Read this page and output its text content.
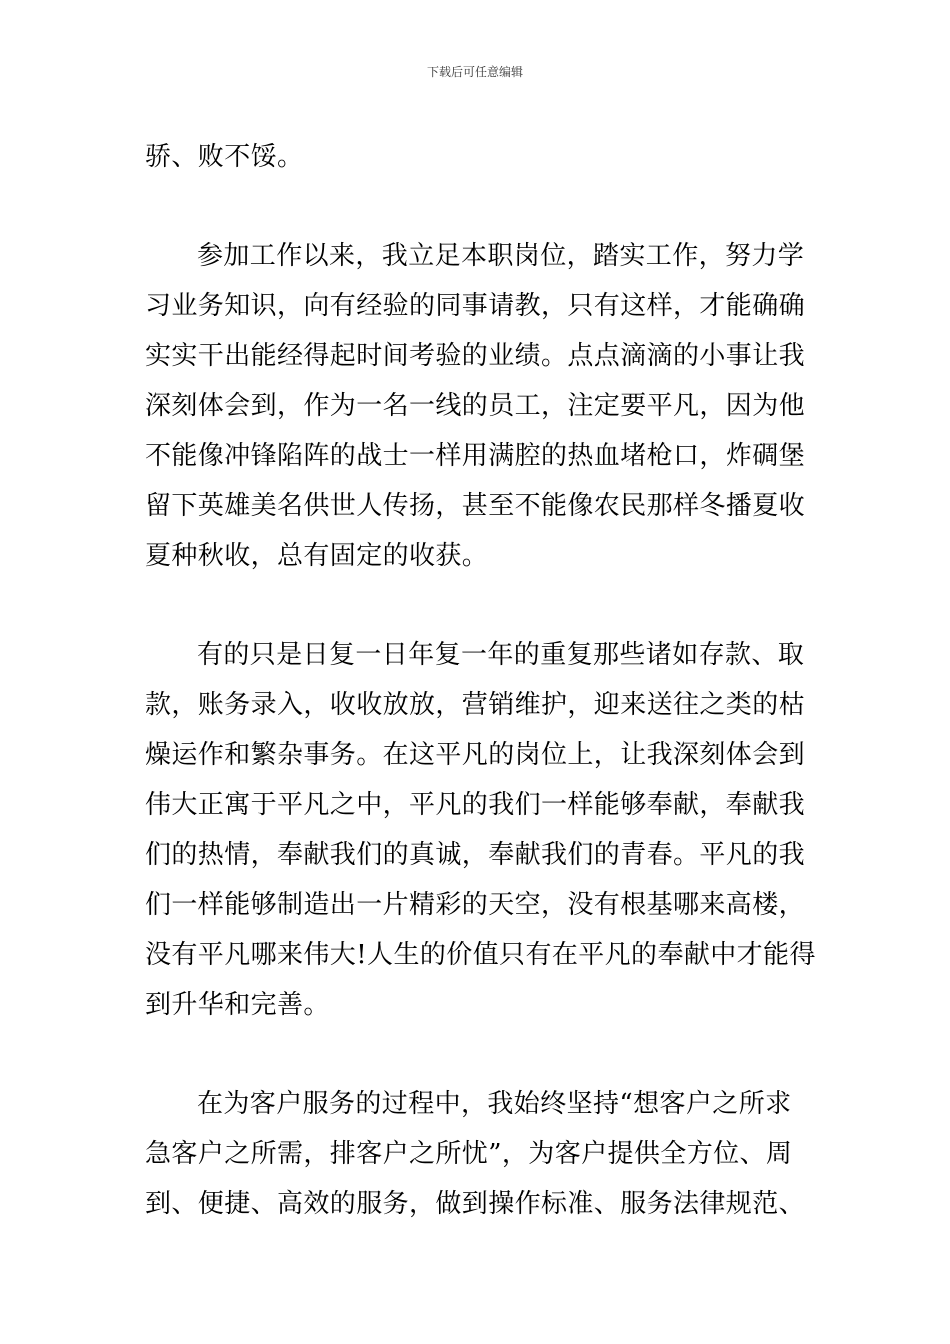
下载后可任意编辑
骄、败不馁。
参加工作以来，我立足本职岗位，踏实工作，努力学
习业务知识，向有经验的同事请教，只有这样，才能确确
实实干出能经得起时间考验的业绩。点点滴滴的小事让我
深刻体会到，作为一名一线的员工，注定要平凡，因为他
不能像冲锋陷阵的战士一样用满腔的热血堵枪口，炸碉堡
留下英雄美名供世人传扬，甚至不能像农民那样冬播夏收
夏种秋收，总有固定的收获。
有的只是日复一日年复一年的重复那些诸如存款、取
款，账务录入，收收放放，营销维护，迎来送往之类的枯
燥运作和繁杂事务。在这平凡的岗位上，让我深刻体会到
伟大正寓于平凡之中，平凡的我们一样能够奉献，奉献我
们的热情，奉献我们的真诚，奉献我们的青春。平凡的我
们一样能够制造出一片精彩的天空，没有根基哪来高楼，
没有平凡哪来伟大!人生的价值只有在平凡的奉献中才能得
到升华和完善。
在为客户服务的过程中，我始终坚持“想客户之所求
急客户之所需，排客户之所忧”，为客户提供全方位、周
到、便捷、高效的服务，做到操作标准、服务法律规范、
